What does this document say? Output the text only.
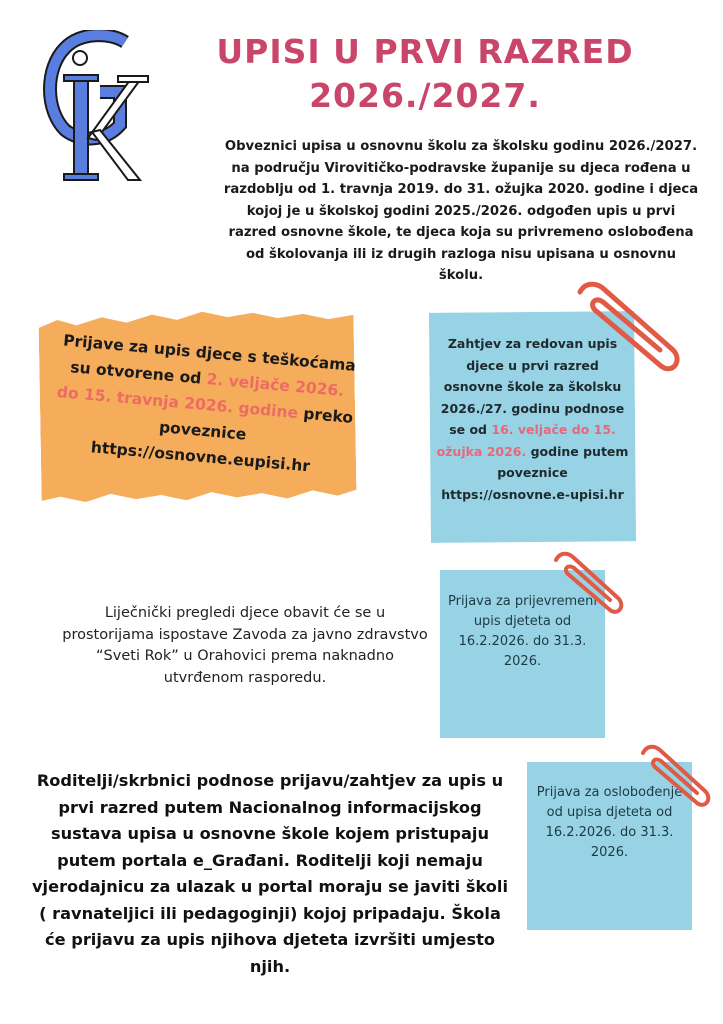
UPISI U PRVI RAZRED
2026./2027.
Obveznici upisa u osnovnu školu za školsku godinu 2026./2027. na području Virovitičko-podravske županije su djeca rođena u razdoblju od 1. travnja 2019. do 31. ožujka 2020. godine i djeca kojoj je u školskoj godini 2025./2026. odgođen upis u prvi razred osnovne škole, te djeca koja su privremeno oslobođena od školovanja ili iz drugih razloga nisu upisana u osnovnu školu.
Prijave za upis djece s teškoćama su otvorene od 2. veljače 2026. do 15. travnja 2026. godine preko poveznice https://osnovne.eupisi.hr
Zahtjev za redovan upis djece u prvi razred osnovne škole za školsku 2026./27. godinu podnose se od 16. veljače do 15. ožujka 2026. godine putem poveznice https://osnovne.e-upisi.hr
Liječnički pregledi djece obavit će se u prostorijama ispostave Zavoda za javno zdravstvo “Sveti Rok” u Orahovici prema naknadno utvrđenom rasporedu.
Prijava za prijevremeni upis djeteta od 16.2.2026. do 31.3. 2026.
Roditelji/skrbnici podnose prijavu/zahtjev za upis u prvi razred putem Nacionalnog informacijskog sustava upisa u osnovne škole kojem pristupaju putem portala e_Građani. Roditelji koji nemaju vjerodajnicu za ulazak u portal moraju se javiti školi ( ravnateljici ili pedagoginji) kojoj pripadaju. Škola će prijavu za upis njihova djeteta izvršiti umjesto njih.
Prijava za oslobođenje od upisa djeteta od 16.2.2026. do 31.3. 2026.
